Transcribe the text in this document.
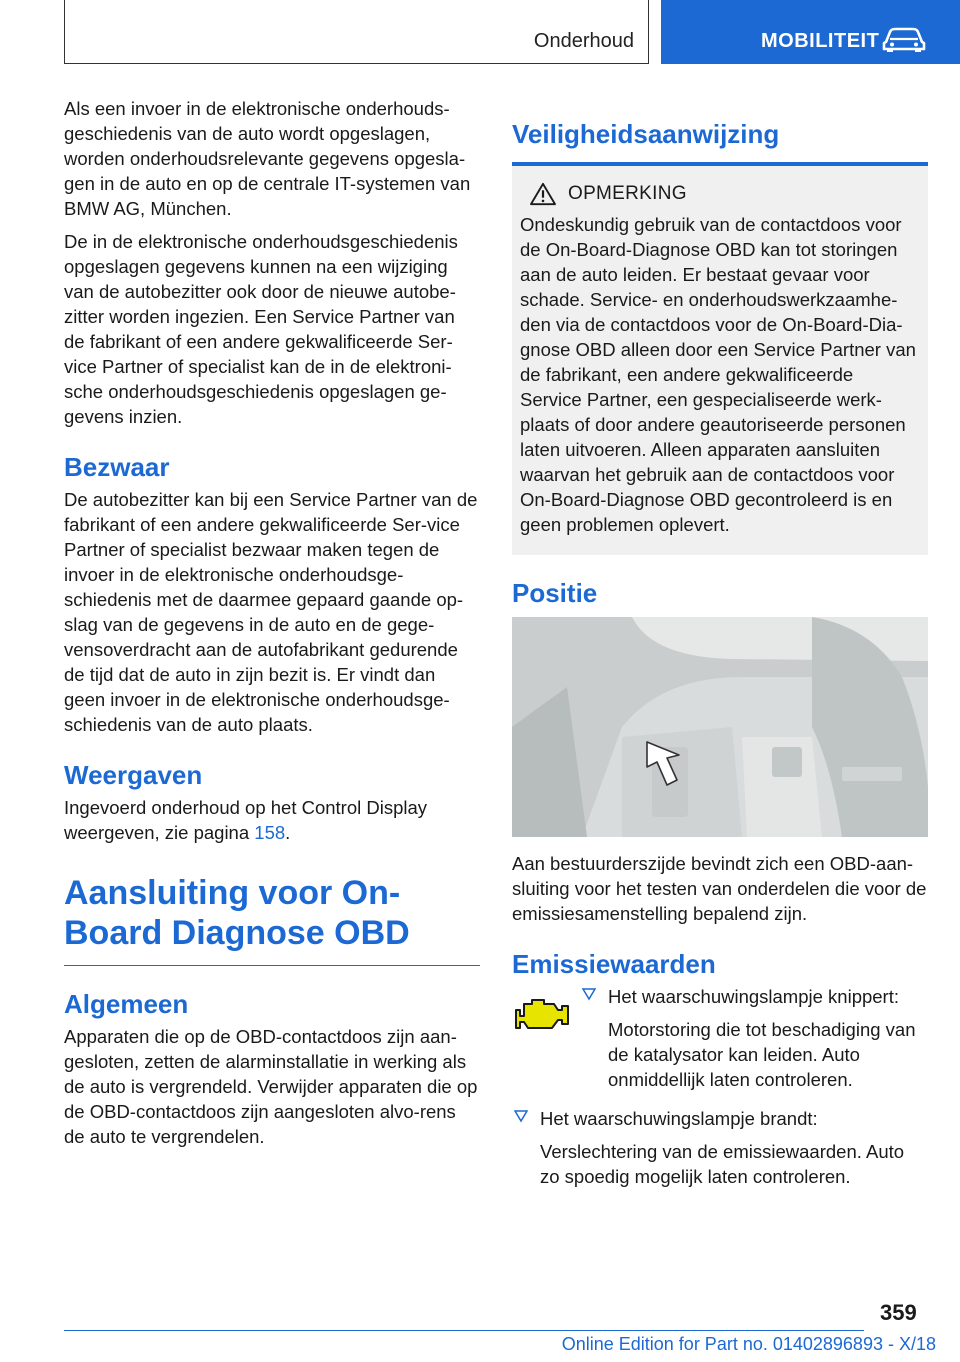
Onderhoud	MOBILITEIT

Als een invoer in de elektronische onderhouds-geschiedenis van de auto wordt opgeslagen, worden onderhoudsrelevante gegevens opgesla-gen in de auto en op de centrale IT-systemen van BMW AG, München.

De in de elektronische onderhoudsgeschiedenis opgeslagen gegevens kunnen na een wijziging van de autobezitter ook door de nieuwe autobe-zitter worden ingezien. Een Service Partner van de fabrikant of een andere gekwalificeerde Ser-vice Partner of specialist kan de in de elektroni-sche onderhoudsgeschiedenis opgeslagen ge-gevens inzien.

Bezwaar

De autobezitter kan bij een Service Partner van de fabrikant of een andere gekwalificeerde Ser-vice Partner of specialist bezwaar maken tegen de invoer in de elektronische onderhoudsge-schiedenis met de daarmee gepaard gaande op-slag van de gegevens in de auto en de gege-vensoverdracht aan de autofabrikant gedurende de tijd dat de auto in zijn bezit is. Er vindt dan geen invoer in de elektronische onderhoudsge-schiedenis van de auto plaats.

Weergaven

Ingevoerd onderhoud op het Control Display weergeven, zie pagina 158.

Aansluiting voor On-Board Diagnose OBD
Algemeen

Apparaten die op de OBD-contactdoos zijn aan-gesloten, zetten de alarminstallatie in werking als de auto is vergrendeld. Verwijder apparaten die op de OBD-contactdoos zijn aangesloten alvo-rens de auto te vergrendelen.

Veiligheidsaanwijzing
OPMERKING

Ondeskundig gebruik van de contactdoos voor de On-Board-Diagnose OBD kan tot storingen aan de auto leiden. Er bestaat gevaar voor schade. Service- en onderhoudswerkzaamhe-den via de contactdoos voor de On-Board-Dia-gnose OBD alleen door een Service Partner van de fabrikant, een andere gekwalificeerde Service Partner, een gespecialiseerde werk-plaats of door andere geautoriseerde personen laten uitvoeren. Alleen apparaten aansluiten waarvan het gebruik aan de contactdoos voor On-Board-Diagnose OBD gecontroleerd is en geen problemen oplevert.

Positie

Aan bestuurderszijde bevindt zich een OBD-aan-sluiting voor het testen van onderdelen die voor de emissiesamenstelling bepalend zijn.

Emissiewaarden
Het waarschuwingslampje knippert:
Motorstoring die tot beschadiging van de katalysator kan leiden. Auto onmiddellijk laten controleren.
Het waarschuwingslampje brandt:
Verslechtering van de emissiewaarden. Auto zo spoedig mogelijk laten controleren.
359
Online Edition for Part no. 01402896893 - X/18
